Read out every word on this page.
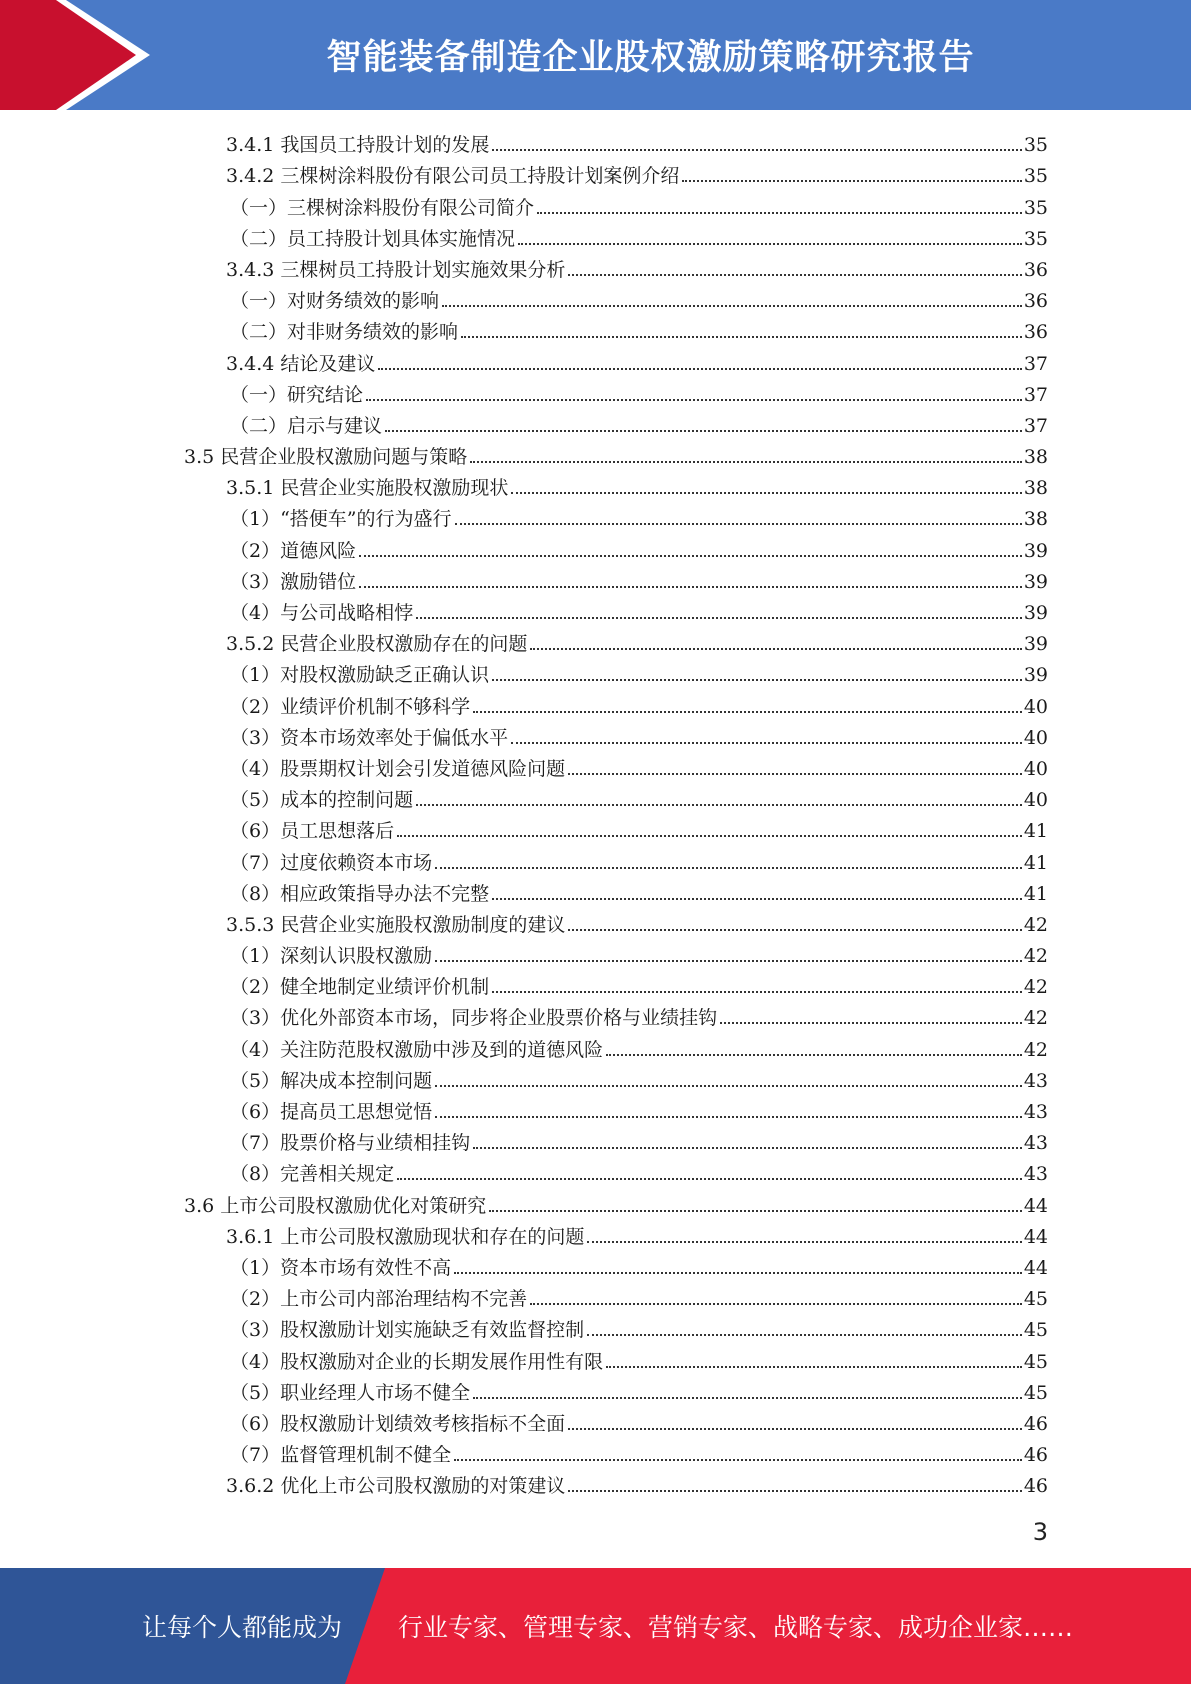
智能装备制造企业股权激励策略研究报告
3.4.1 我国员工持股计划的发展	35
3.4.2 三棵树涂料股份有限公司员工持股计划案例介绍	35
（一）三棵树涂料股份有限公司简介	35
（二）员工持股计划具体实施情况	35
3.4.3 三棵树员工持股计划实施效果分析	36
（一）对财务绩效的影响	36
（二）对非财务绩效的影响	36
3.4.4 结论及建议	37
（一）研究结论	37
（二）启示与建议	37
3.5 民营企业股权激励问题与策略	38
3.5.1 民营企业实施股权激励现状	38
（1）“搭便车”的行为盛行	38
（2）道德风险	39
（3）激励错位	39
（4）与公司战略相悖	39
3.5.2 民营企业股权激励存在的问题	39
（1）对股权激励缺乏正确认识	39
（2）业绩评价机制不够科学	40
（3）资本市场效率处于偏低水平	40
（4）股票期权计划会引发道德风险问题	40
（5）成本的控制问题	40
（6）员工思想落后	41
（7）过度依赖资本市场	41
（8）相应政策指导办法不完整	41
3.5.3 民营企业实施股权激励制度的建议	42
（1）深刻认识股权激励	42
（2）健全地制定业绩评价机制	42
（3）优化外部资本市场，同步将企业股票价格与业绩挂钩	42
（4）关注防范股权激励中涉及到的道德风险	42
（5）解决成本控制问题	43
（6）提高员工思想觉悟	43
（7）股票价格与业绩相挂钩	43
（8）完善相关规定	43
3.6 上市公司股权激励优化对策研究	44
3.6.1 上市公司股权激励现状和存在的问题	44
（1）资本市场有效性不高	44
（2）上市公司内部治理结构不完善	45
（3）股权激励计划实施缺乏有效监督控制	45
（4）股权激励对企业的长期发展作用性有限	45
（5）职业经理人市场不健全	45
（6）股权激励计划绩效考核指标不全面	46
（7）监督管理机制不健全	46
3.6.2 优化上市公司股权激励的对策建议	46
3
让每个人都能成为 行业专家、管理专家、营销专家、战略专家、成功企业家……
